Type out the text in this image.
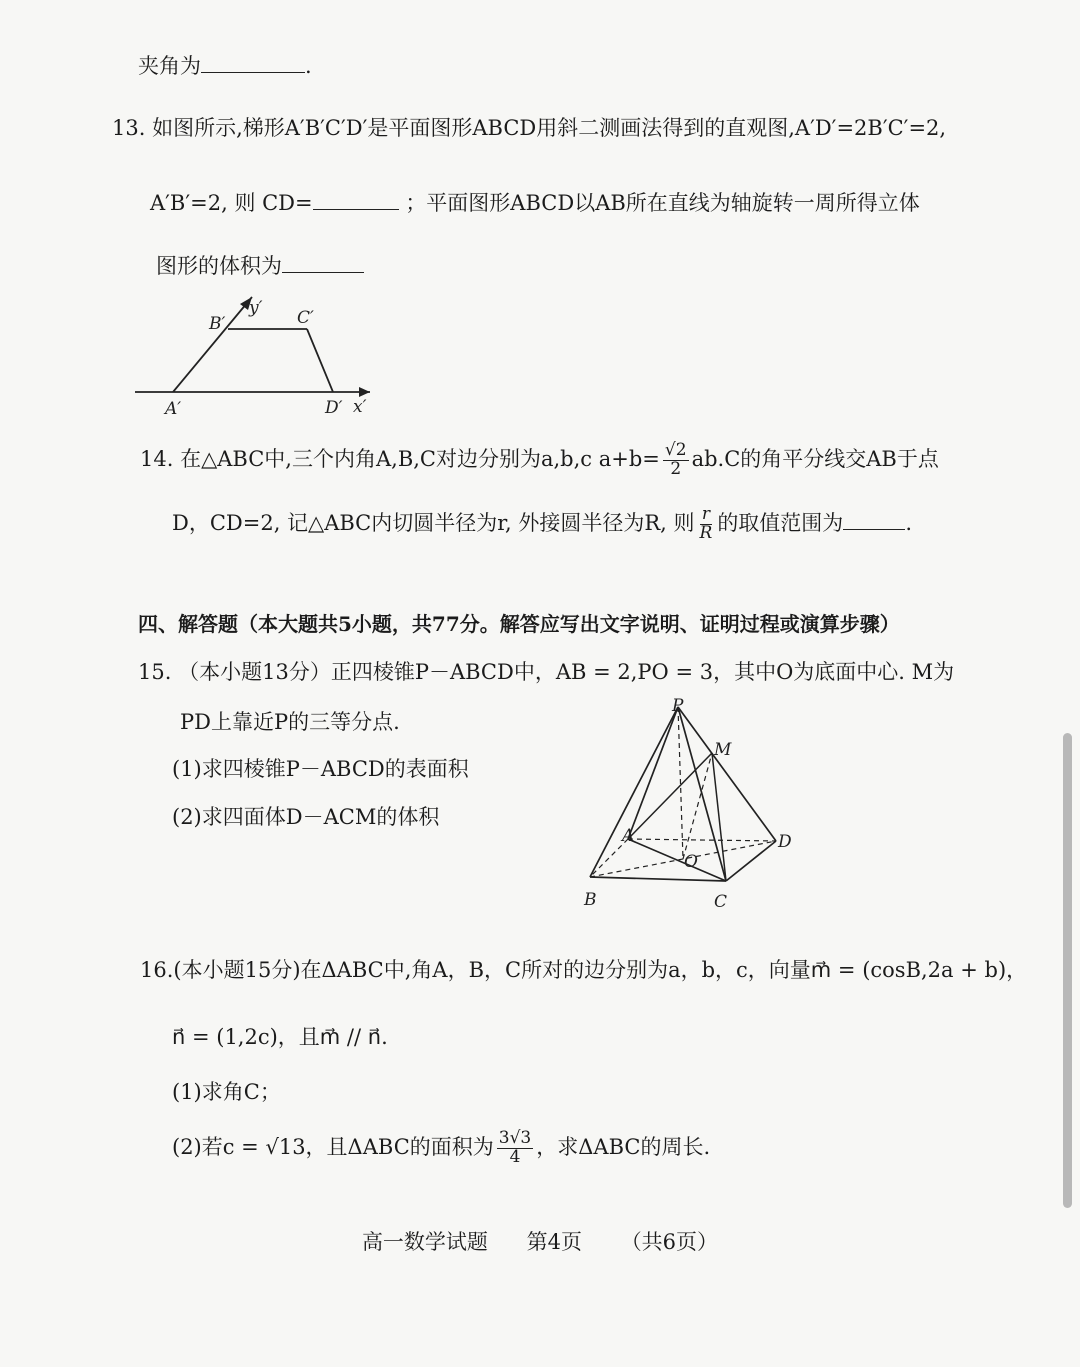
夹角为	.
13. 如图所示,梯形A′B′C′D′是平面图形ABCD用斜二测画法得到的直观图,A′D′=2B′C′=2,
A′B′=2, 则 CD=	；平面图形ABCD以AB所在直线为轴旋转一周所得立体
图形的体积为
A′
B′	C′
D′ x′
y′
14. 在△ABC中,三个内角A,B,C对边分别为a,b,c $a+b= \frac{√2}{2} ab.C$的角平分线交AB于点
D，CD=2, 记△ABC内切圆半径为r, 外接圆半径为R, 则 $\frac{r}{R}$ 的取值范围为	.
四、解答题（本大题共5小题，共77分。解答应写出文字说明、证明过程或演算步骤）
15. （本小题13分）正四棱锥P－ABCD中，AB = 2,PO = 3，其中O为底面中心. M为
PD上靠近P的三等分点.
(1)求四棱锥P－ABCD的表面积
(2)求四面体D－ACM的体积
P
M
A
B	C
D
O
16.(本小题15分)在ΔABC中,角A，B，C所对的边分别为a，b，c，向量m⃗ = (cosB,2a + b)，
n⃗ = (1,2c)，且m⃗ // n⃗.
(1)求角C；
(2)若c = √13，且ΔABC的面积为 $\frac{3√3}{4}$ ，求ΔABC的周长.
高一数学试题 第4页 （共6页）
